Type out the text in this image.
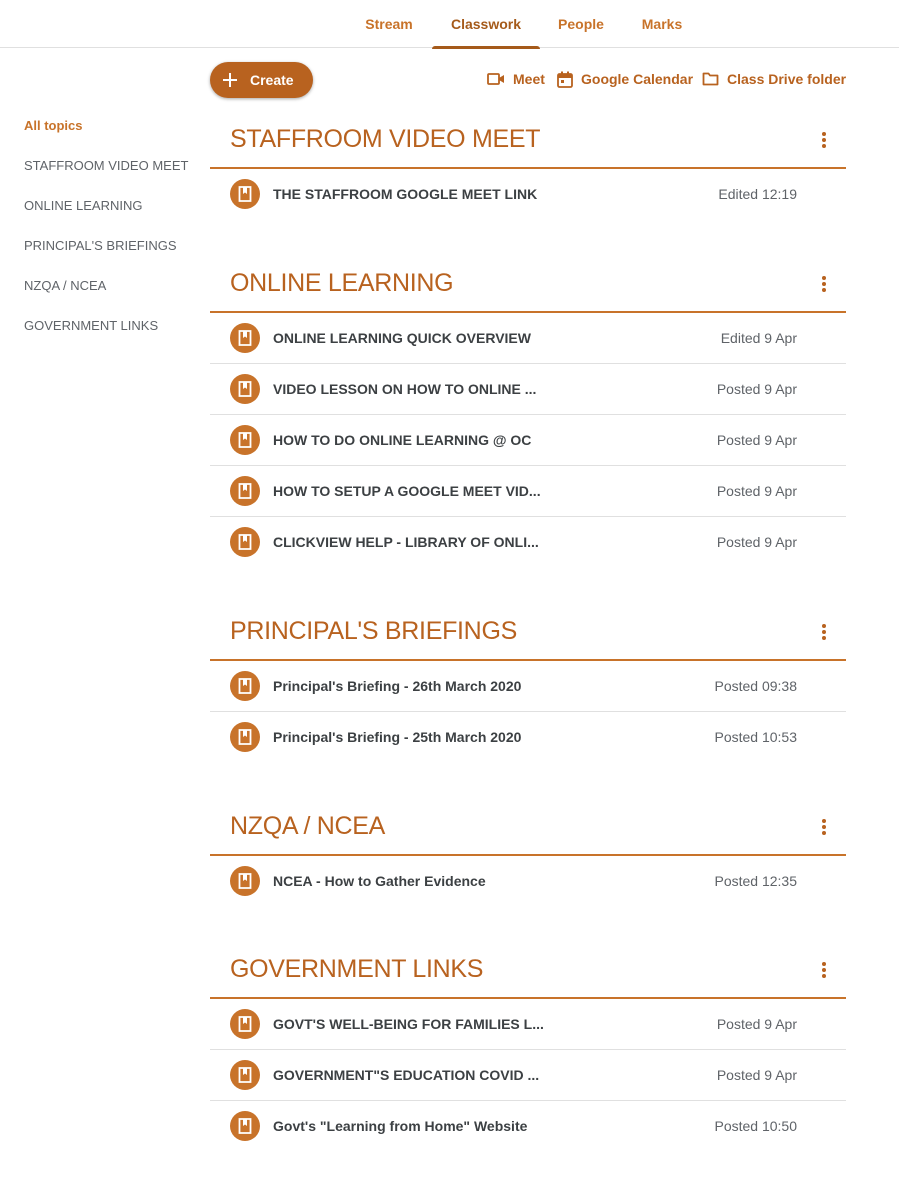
Stream	Classwork	People	Marks
Create	Meet	Google Calendar Class Drive folder
All topics
STAFFROOM VIDEO MEET
ONLINE LEARNING
PRINCIPAL'S BRIEFINGS
NZQA / NCEA
GOVERNMENT LINKS
STAFFROOM VIDEO MEET
THE STAFFROOM GOOGLE MEET LINK	Edited 12:19
ONLINE LEARNING
ONLINE LEARNING QUICK OVERVIEW	Edited 9 Apr
VIDEO LESSON ON HOW TO ONLINE ...	Posted 9 Apr
HOW TO DO ONLINE LEARNING @ OC	Posted 9 Apr
HOW TO SETUP A GOOGLE MEET VID...	Posted 9 Apr
CLICKVIEW HELP - LIBRARY OF ONLI...	Posted 9 Apr
PRINCIPAL'S BRIEFINGS
Principal's Briefing - 26th March 2020	Posted 09:38
Principal's Briefing - 25th March 2020	Posted 10:53
NZQA / NCEA
NCEA - How to Gather Evidence	Posted 12:35
GOVERNMENT LINKS
GOVT'S WELL-BEING FOR FAMILIES L...	Posted 9 Apr
GOVERNMENT"S EDUCATION COVID ...	Posted 9 Apr
Govt's "Learning from Home" Website	Posted 10:50
